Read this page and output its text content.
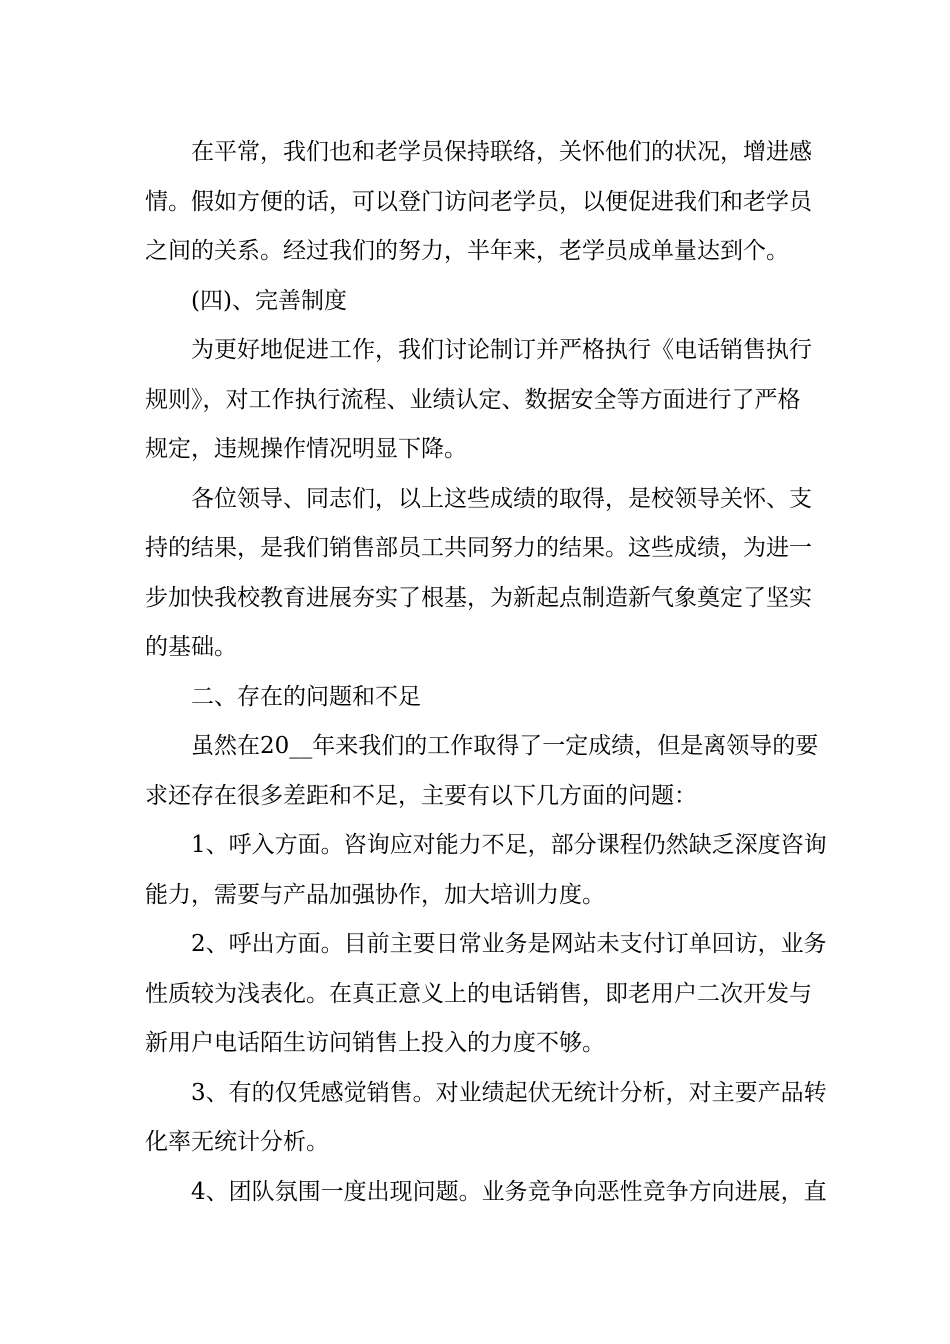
在平常，我们也和老学员保持联络，关怀他们的状况，增进感
情。假如方便的话，可以登门访问老学员，以便促进我们和老学员
之间的关系。经过我们的努力，半年来，老学员成单量达到个。

(四)、完善制度

为更好地促进工作，我们讨论制订并严格执行《电话销售执行
规则》，对工作执行流程、业绩认定、数据安全等方面进行了严格
规定，违规操作情况明显下降。

各位领导、同志们，以上这些成绩的取得，是校领导关怀、支
持的结果，是我们销售部员工共同努力的结果。这些成绩，为进一
步加快我校教育进展夯实了根基，为新起点制造新气象奠定了坚实
的基础。

二、存在的问题和不足

虽然在20__年来我们的工作取得了一定成绩，但是离领导的要
求还存在很多差距和不足，主要有以下几方面的问题：

1、呼入方面。咨询应对能力不足，部分课程仍然缺乏深度咨询
能力，需要与产品加强协作，加大培训力度。

2、呼出方面。目前主要日常业务是网站未支付订单回访，业务
性质较为浅表化。在真正意义上的电话销售，即老用户二次开发与
新用户电话陌生访问销售上投入的力度不够。

3、有的仅凭感觉销售。对业绩起伏无统计分析，对主要产品转
化率无统计分析。

4、团队氛围一度出现问题。业务竞争向恶性竞争方向进展，直
